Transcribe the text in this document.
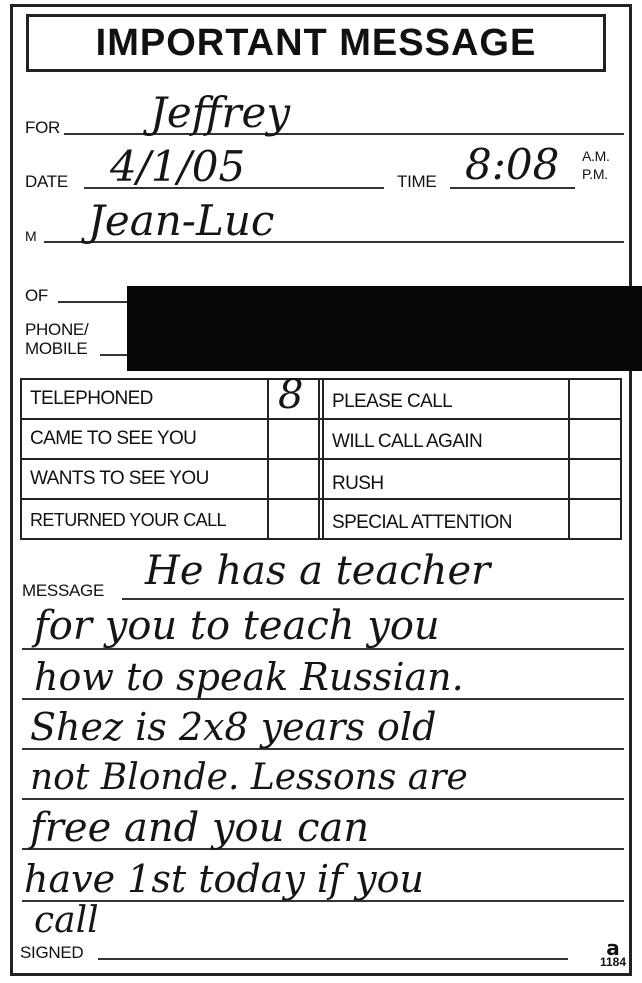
IMPORTANT MESSAGE
FOR Jeffrey
DATE 4/1/05	TIME 8:08 A.M.
P.M.
M Jean-Luc
OF
PHONE/
MOBILE
TELEPHONED
CAME TO SEE YOU
WANTS TO SEE YOU
RETURNED YOUR CALL
PLEASE CALL
WILL CALL AGAIN
RUSH
SPECIAL ATTENTION
8
MESSAGE He has a teacher
for you to teach you
how to speak Russian.
Shez is 2x8 years old
not Blonde. Lessons are
free and you can
have 1st today if you
call
SIGNED	a
1184
